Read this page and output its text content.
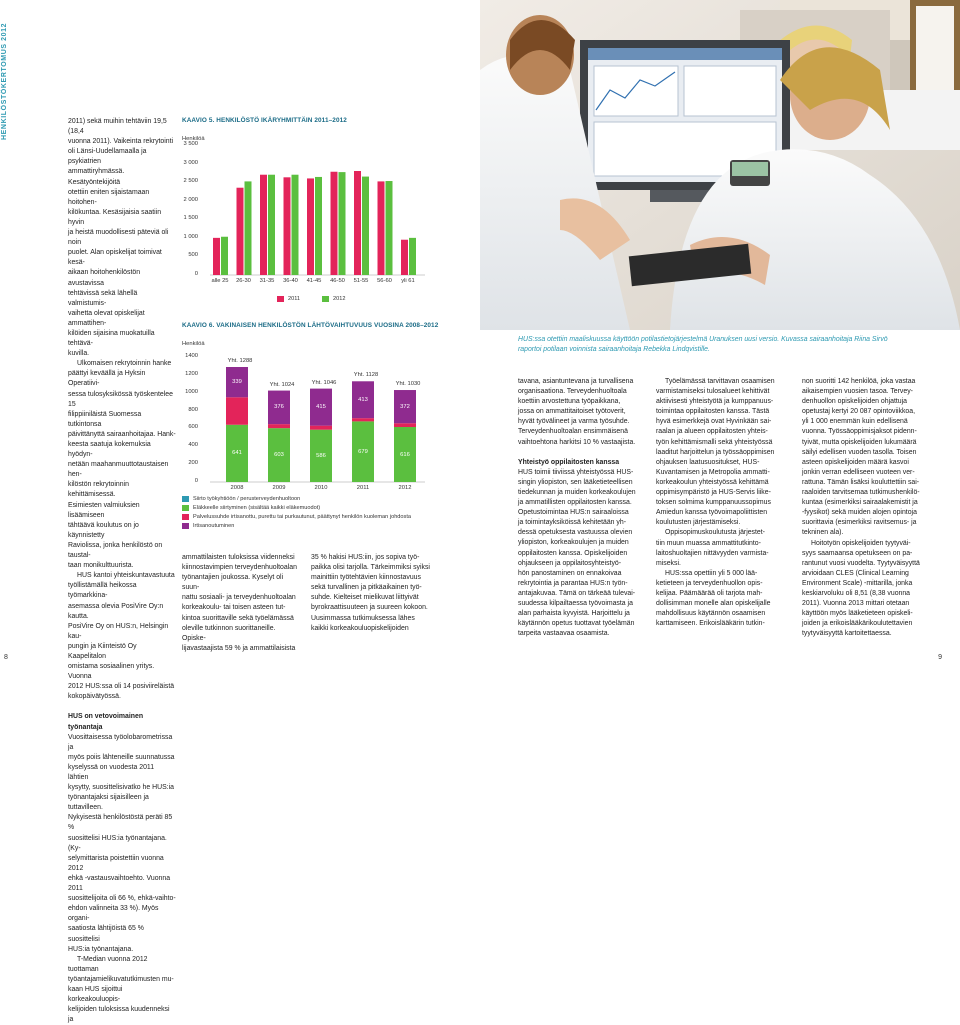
HENKILÖSTÖKERTOMUS 2012

2011) sekä muihin tehtäviin 19,5 (18,4
vuonna 2011). Vaikeinta rekrytointi
oli Länsi-Uudellamaalla ja psykiatrien
ammattiryhmässä. Kesätyöntekijöitä
otettiin eniten sijaistamaan hoitohen-
kilökuntaa. Kesäsijaisia saatiin hyvin
ja heistä muodollisesti päteviä oli noin
puolet. Alan opiskelijat toimivat kesä-
aikaan hoitohenkilöstön avustavissa
tehtävissä sekä lähellä valmistumis-
vaihetta olevat opiskelijat ammattihen-
kilöiden sijaisina muokatuilla tehtävä-
kuvilla.

Ulkomaisen rekrytoinnin hanke
päättyi keväällä ja Hyksin Operatiivi-
sessa tulosyksikössä työskentelee 15
filippiiniläistä Suomessa tutkintonsa
päivittänyttä sairaanhoitajaa. Hank-
keesta saatuja kokemuksia hyödyn-
netään maahanmuuttotaustaisen hen-
kilöstön rekrytoinnin kehittämisessä.
Esimiesten valmiuksien lisäämiseen
tähtäävä koulutus on jo käynnistetty
Raviolissa, jonka henkilöstö on taustal-
taan monikulttuurista.

HUS kantoi yhteiskuntavastuuta
työllistämällä heikossa työmarkkina-
asemassa olevia PosiVire Oy:n kautta.
PosiVire Oy on HUS:n, Helsingin kau-
pungin ja Kiinteistö Oy Kaapelitalon
omistama sosiaalinen yritys. Vuonna
2012 HUS:ssa oli 14 posiviireläistä
kokopäivätyössä.

HUS on vetovoimainen työnantaja

Vuosittaisessa työolobarometrissa ja
myös poiis lähteneille suunnatussa
kyselyssä on vuodesta 2011 lähtien
kysytty, suosittelisivatko he HUS:ia
työnantajaksi sijaisilleen ja tuttavilleen.
Nykyisestä henkilöstöstä peräti 85 %
suosittelisi HUS:ia työnantajana. (Ky-
selymittarista poistettiin vuonna 2012
ehkä -vastausvaihtoehto. Vuonna 2011
suosittelijoita oli 66 %, ehkä-vaihto-
ehdon valinneita 33 %). Myös organi-
saatiosta lähtijöistä 65 % suosittelisi
HUS:ia työnantajana.

T-Median vuonna 2012 tuottaman
työantajamielikuvatutkimusten mu-
kaan HUS sijoittui korkeakouluopis-
kelijoiden tuloksissa kuudenneksi ja

HUS:ssa otettiin maaliskuussa käyttöön potilastietojärjestelmä Uranuksen uusi versio. Kuvassa sairaanhoitaja Riina Sirvö
raportoi potilaan voinnista sairaanhoitaja Rebekka Lindqvistille.
KAAVIO 5. HENKILÖSTÖ IKÄRYHMITTÄIN 2011–2012
Henkilöä
2011	2012
KAAVIO 6. VAKINAISEN HENKILÖSTÖN LÄHTÖVAIHTUVUUS VUOSINA 2008–2012
Henkilöä

ammattilaisten tuloksissa viidenneksi
kiinnostavimpien terveydenhuoltoalan
työnantajien joukossa. Kyselyt oli suun-
nattu sosiaali- ja terveydenhuoltoalan
korkeakoulu- tai toisen asteen tut-
kintoa suorittaville sekä työelämässä
oleville tutkinnon suorittaneille. Opiske-
lijavastaajista 59 % ja ammattilaisista

35 % hakisi HUS:iin, jos sopiva työ-
paikka olisi tarjolla. Tärkeimmiksi syiksi
mainittiin työtehtävien kiinnostavuus
sekä turvallinen ja pitkäaikainen työ-
suhde. Kielteiset mielikuvat liittyivät
byrokraattisuuteen ja suureen kokoon.
Uusimmassa tutkimuksessa lähes
kaikki korkeakouluopiskelijoiden

tavana, asiantuntevana ja turvallisena
organisaationa. Terveydenhuoltoala
koettiin arvostettuna työpaikkana,
jossa on ammattitaitoiset työtoverit,
hyvät työvälineet ja varma työsuhde.
Terveydenhuoltoalan ensimmäisenä
vaihtoehtona harkitsi 10 % vastaajista.

Yhteistyö oppilaitosten kanssa

HUS toimii tiiviissä yhteistyössä HUS-
singin yliopiston, sen lääketieteellisen
tiedekunnan ja muiden korkeakoulujen
ja ammatillisten oppilaitosten kanssa.
Opetustoimintaa HUS:n sairaaloissa
ja toimintayksiköissä kehitetään yh-
dessä opetuksesta vastuussa olevien
yliopiston, korkeakoulujen ja muiden
oppilaitosten kanssa. Opiskelijoiden
ohjaukseen ja oppilaitosyhteistyö-
hön panostaminen on ennakoivaa
rekrytointia ja parantaa HUS:n työn-
antajakuvaa. Tämä on tärkeää tulevai-
suudessa kilpailtaessa työvoimasta ja
alan parhaista kyvyistä. Harjoittelu ja
käytännön opetus tuottavat työelämän
tarpeita vastaavaa osaamista.

Työelämässä tarvittavan osaamisen
varmistamiseksi tulosalueet kehittivät
aktiivisesti yhteistyötä ja kumppanuus-
toimintaa oppilaitosten kanssa. Tästä
hyvä esimerkkejä ovat Hyvinkään sai-
raalan ja alueen oppilaitosten yhteis-
työn kehittämismalli sekä yhteistyössä
laaditut harjoittelun ja työssäoppimisen
ohjauksen laatusuositukset, HUS-
Kuvantamisen ja Metropolia ammatti-
korkeakoulun yhteistyössä kehittämä
oppimisympäristö ja HUS-Servis liike-
toksen solmima kumppanuussopimus
Amiedun kanssa työvoimapoliittisten
koulutusten järjestämiseksi.

Oppisopimuskoulutusta järjestet-
tiin muun muassa ammattitutkinto-
laitoshuoltajien nittävyyden varmista-
miseksi.

HUS:ssa opettiin yli 5 000 lää-
ketieteen ja terveydenhuollon opis-
kelijaa. Päämäärää oli tarjota mah-
dollisimman monelle alan opiskelijalle
mahdollisuus käytännön osaamisen
karttamiseen. Erikoislääkärin tutkin-

non suoritti 142 henkilöä, joka vastaa
aikaisempien vuosien tasoa. Tervey-
denhuollon opiskelijoiden ohjattuja
opetustaj kertyi 20 087 opintoviikkoa,
yli 1 000 enemmän kuin edellisenä
vuonna. Työssäoppimisjaksot pidenn-
tyivät, mutta opiskelijoiden lukumäärä
säilyi edellisen vuoden tasolla. Toisen
asteen opiskelijoiden määrä kasvoi
jonkin verran edelliseen vuoteen ver-
rattuna. Tämän lisäksi kouluttettiin sai-
raaloiden tarvitsemaa tutkimushenkilö-
kuntaa (esimerkiksi sairaalakemistit ja
-fyysikot) sekä muiden alojen opintoja
suorittavia (esimerkiksi ravitsemus- ja
tekninen ala).

Hoitotyön opiskelijoiden tyytyväi-
syys saamaansa opetukseen on pa-
rantunut vuosi vuodelta. Tyytyväisyyttä
arvioidaan CLES (Clinical Learning
Environment Scale) -mittarilla, jonka
keskiarvoluku oli 8,51 (8,38 vuonna
2011). Vuonna 2013 mittari otetaan
käyttöön myös lääketieteen opiskeli-
joiden ja erikoislääkärikoulutettavien
tyytyväisyyttä kartoitettaessa.

8	9
3 500
3 000
2 500
2 000
1 500
1 000
500
0
alle 25	26-30	31-35	36-40	41-45	46-50	51-55	56-60	yli 61
1400
1200
1000
800
600
400
200
0
641
339
Yht. 1288
2008
603
376
Yht. 1024
2009
586
415
Yht. 1046
2010
679
413
Yht. 1128
2011
616
372
Yht. 1030
2012
Siirto työkyhtiöön / perusterveydenhuoltoon
Eläkkeelle siirtyminen (sisältää kaikki eläkemuodot)
Palvelussuhde irtisanottu, purettu tai purkautunut, päättynyt henkilön kuoleman johdosta
Irtisanoutuminen
